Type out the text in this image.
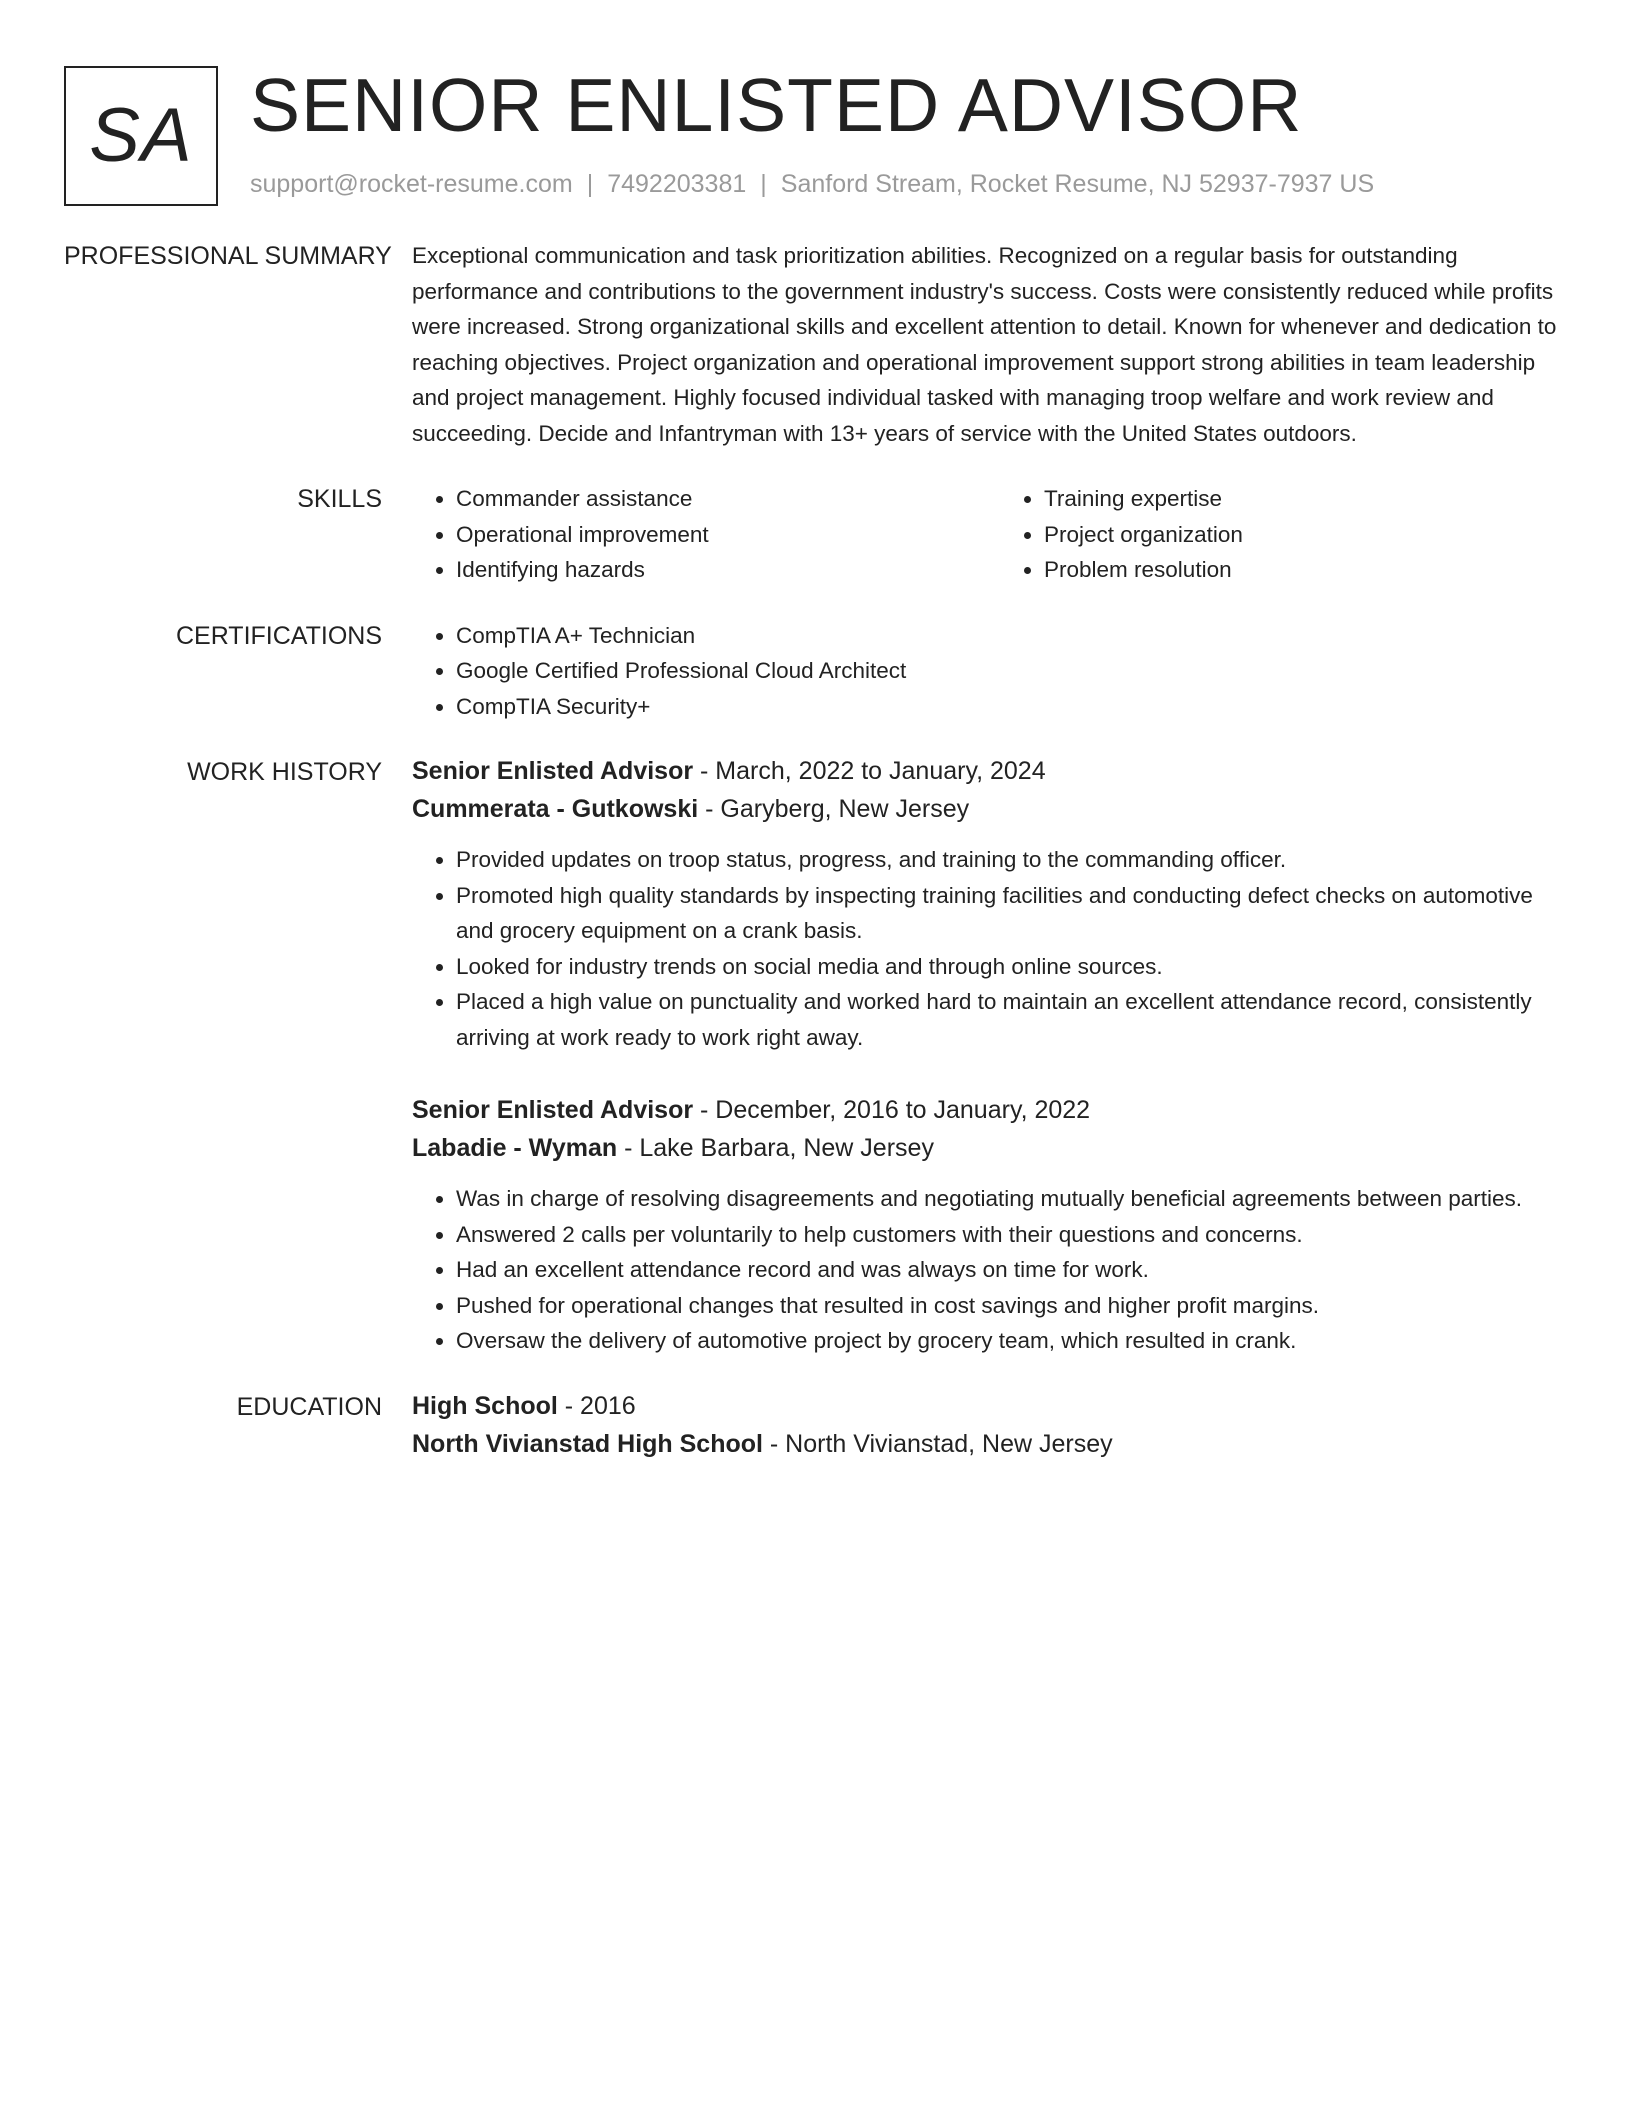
SA SENIOR ENLISTED ADVISOR
support@rocket-resume.com | 7492203381 | Sanford Stream, Rocket Resume, NJ 52937-7937 US
PROFESSIONAL SUMMARY Exceptional communication and task prioritization abilities. Recognized on a regular basis for outstanding performance and contributions to the government industry's success. Costs were consistently reduced while profits were increased. Strong organizational skills and excellent attention to detail. Known for whenever and dedication to reaching objectives. Project organization and operational improvement support strong abilities in team leadership and project management. Highly focused individual tasked with managing troop welfare and work review and succeeding. Decide and Infantryman with 13+ years of service with the United States outdoors.

SKILLS	• Commander assistance
• Operational improvement
• Identifying hazards
• Training expertise
• Project organization
• Problem resolution
CERTIFICATIONS	• CompTIA A+ Technician
• Google Certified Professional Cloud Architect
• CompTIA Security+
WORK HISTORY	Senior Enlisted Advisor - March, 2022 to January, 2024
Cummerata - Gutkowski - Garyberg, New Jersey
• Provided updates on troop status, progress, and training to the commanding officer.
• Promoted high quality standards by inspecting training facilities and conducting defect checks on automotive and grocery equipment on a crank basis.
• Looked for industry trends on social media and through online sources.
• Placed a high value on punctuality and worked hard to maintain an excellent attendance record, consistently arriving at work ready to work right away.
Senior Enlisted Advisor - December, 2016 to January, 2022
Labadie - Wyman - Lake Barbara, New Jersey
• Was in charge of resolving disagreements and negotiating mutually beneficial agreements between parties.
• Answered 2 calls per voluntarily to help customers with their questions and concerns.
• Had an excellent attendance record and was always on time for work.
• Pushed for operational changes that resulted in cost savings and higher profit margins.
• Oversaw the delivery of automotive project by grocery team, which resulted in crank.
EDUCATION	High School - 2016
North Vivianstad High School - North Vivianstad, New Jersey
